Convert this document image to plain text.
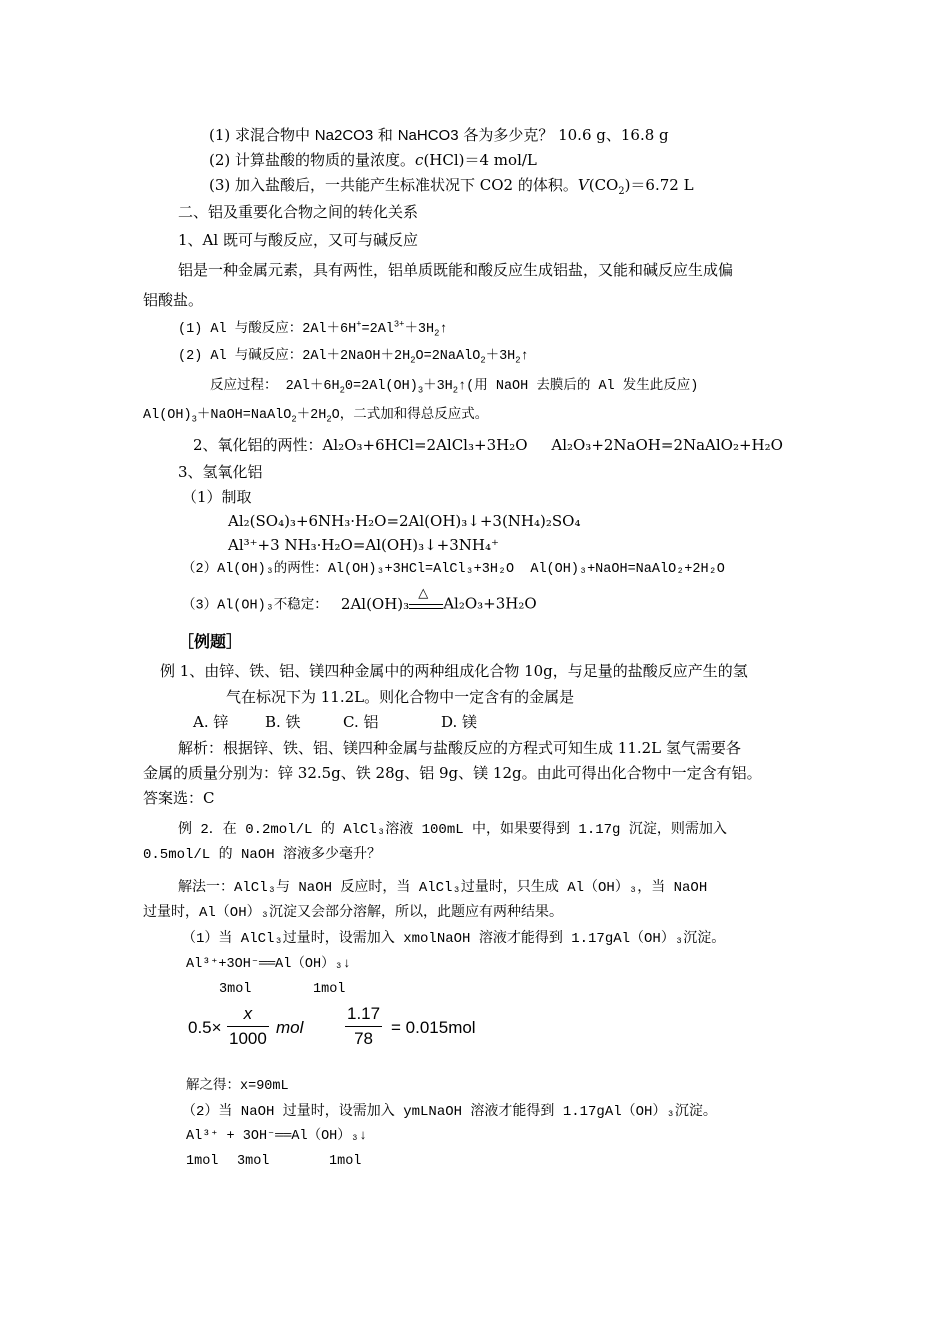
(1) 求混合物中 Na2CO3 和 NaHCO3 各为多少克？ 10.6 g、16.8 g
(2) 计算盐酸的物质的量浓度。c(HCl)＝4 mol/L
(3) 加入盐酸后，一共能产生标准状况下 CO2 的体积。$V(CO_2)=6.72$ L
二、铝及重要化合物之间的转化关系
1、Al 既可与酸反应，又可与碱反应
铝是一种金属元素，具有两性，铝单质既能和酸反应生成铝盐，又能和碱反应生成偏
铝酸盐。
(1) Al 与酸反应：$2Al+6H^+=2Al^{3+}+3H_2↑$
(2) Al 与碱反应：$2Al+2NaOH+2H_2O=2NaAlO_2+3H_2↑$
反应过程： $2Al+6H_20=2Al(OH)_3+3H_2↑$(用 NaOH 去膜后的 Al 发生此反应)
$Al(OH)_3+NaOH=NaAlO_2+2H_2O$，二式加和得总反应式。
2、氧化铝的两性：Al₂O₃+6HCl=2AlCl₃+3H₂O Al₂O₃+2NaOH=2NaAlO₂+H₂O
3、氢氧化铝
（1）制取
Al₂(SO₄)₃+6NH₃·H₂O=2Al(OH)₃↓+3(NH₄)₂SO₄
Al³⁺+3 NH₃·H₂O=Al(OH)₃↓+3NH₄⁺
（2）Al(OH)₃的两性：Al(OH)₃+3HCl=AlCl₃+3H₂O Al(OH)₃+NaOH=NaAlO₂+2H₂O
（3）Al(OH)₃不稳定： 2Al(OH)₃
△
Al₂O₃+3H₂O
［例题］
例 1、由锌、铁、铝、镁四种金属中的两种组成化合物 10g，与足量的盐酸反应产生的氢
气在标况下为 11.2L。则化合物中一定含有的金属是
A. 锌 B. 铁	C. 铝	D. 镁
解析：根据锌、铁、铝、镁四种金属与盐酸反应的方程式可知生成 11.2L 氢气需要各
金属的质量分别为：锌 32.5g、铁 28g、铝 9g、镁 12g。由此可得出化合物中一定含有铝。
答案选：C
例 2．在 0.2mol/L 的 AlCl₃溶液 100mL 中，如果要得到 1.17g 沉淀，则需加入
0.5mol/L 的 NaOH 溶液多少毫升？
解法一：AlCl₃与 NaOH 反应时，当 AlCl₃过量时，只生成 Al（OH）₃，当 NaOH
过量时，Al（OH）₃沉淀又会部分溶解，所以，此题应有两种结果。
（1）当 AlCl₃过量时，设需加入 xmolNaOH 溶液才能得到 1.17gAl（OH）₃沉淀。
Al³⁺+3OH⁻══Al（OH）₃↓
3mol	1mol
0.5×
x
1000
mol
1.17
78
= 0.015mol
解之得：x=90mL
（2）当 NaOH 过量时，设需加入 ymLNaOH 溶液才能得到 1.17gAl（OH）₃沉淀。
Al³⁺ + 3OH⁻══Al（OH）₃↓
1mol 3mol	1mol
